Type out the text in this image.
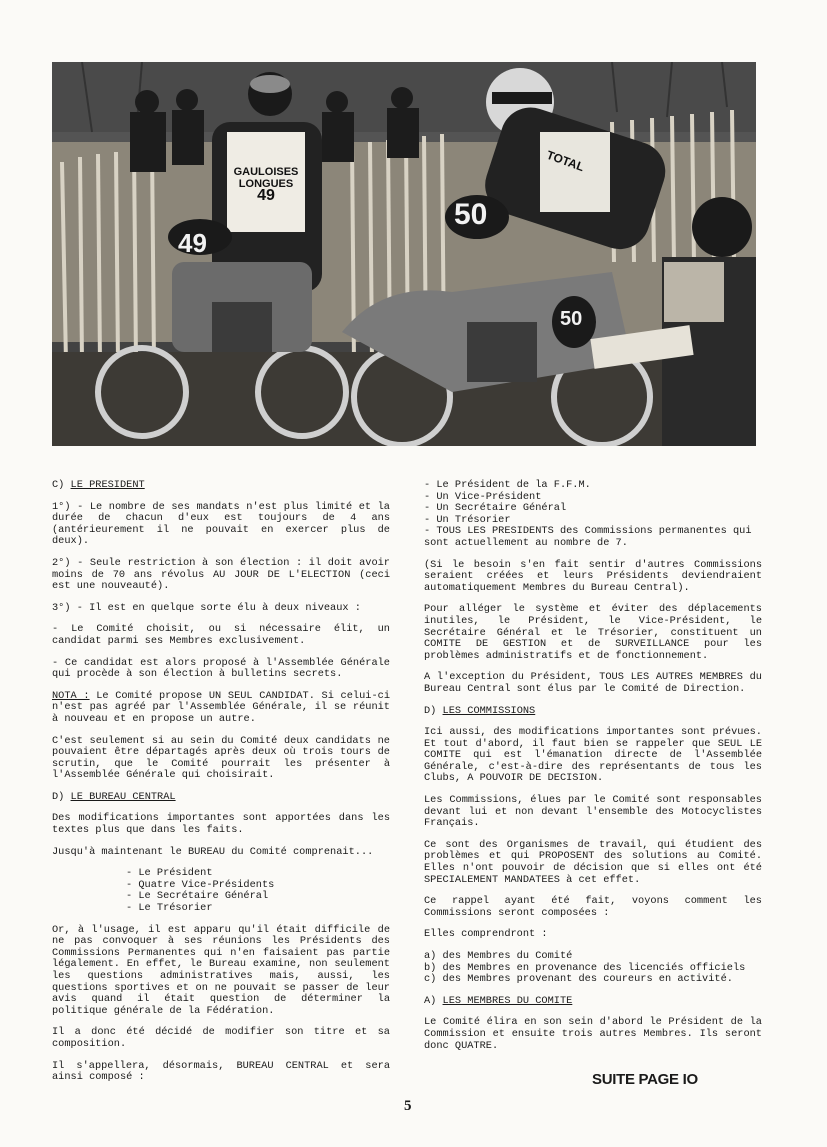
GAULOISES LONGUES
49
49
50
50
TOTAL
C) LE PRESIDENT

1°) - Le nombre de ses mandats n'est plus limité et la durée de chacun d'eux est toujours de 4 ans (antérieurement il ne pouvait en exercer plus de deux).

2°) - Seule restriction à son élection : il doit avoir moins de 70 ans révolus AU JOUR DE L'ELECTION (ceci est une nouveauté).

3°) - Il est en quelque sorte élu à deux niveaux :

- Le Comité choisit, ou si nécessaire élit, un candidat parmi ses Membres exclusivement.

- Ce candidat est alors proposé à l'Assemblée Générale qui procède à son élection à bulletins secrets.

NOTA : Le Comité propose UN SEUL CANDIDAT. Si celui-ci n'est pas agréé par l'Assemblée Générale, il se réunit à nouveau et en propose un autre.

C'est seulement si au sein du Comité deux candidats ne pouvaient être départagés après deux où trois tours de scrutin, que le Comité pourrait les présenter à l'Assemblée Générale qui choisirait.

D) LE BUREAU CENTRAL

Des modifications importantes sont apportées dans les textes plus que dans les faits.

Jusqu'à maintenant le BUREAU du Comité comprenait...

- Le Président
- Quatre Vice-Présidents
- Le Secrétaire Général
- Le Trésorier

Or, à l'usage, il est apparu qu'il était difficile de ne pas convoquer à ses réunions les Présidents des Commissions Permanentes qui n'en faisaient pas partie légalement. En effet, le Bureau examine, non seulement les questions administratives mais, aussi, les questions sportives et on ne pouvait se passer de leur avis quand il était question de déterminer la politique générale de la Fédération.

Il a donc été décidé de modifier son titre et sa composition.

Il s'appellera, désormais, BUREAU CENTRAL et sera ainsi composé :

- Le Président de la F.F.M.
- Un Vice-Président
- Un Secrétaire Général
- Un Trésorier
- TOUS LES PRESIDENTS des Commissions permanentes qui sont actuellement au nombre de 7.

(Si le besoin s'en fait sentir d'autres Commissions seraient créées et leurs Présidents deviendraient automatiquement Membres du Bureau Central).

Pour alléger le système et éviter des déplacements inutiles, le Président, le Vice-Président, le Secrétaire Général et le Trésorier, constituent un COMITE DE GESTION et de SURVEILLANCE pour les problèmes administratifs et de fonctionnement.

A l'exception du Président, TOUS LES AUTRES MEMBRES du Bureau Central sont élus par le Comité de Direction.

D) LES COMMISSIONS

Ici aussi, des modifications importantes sont prévues. Et tout d'abord, il faut bien se rappeler que SEUL LE COMITE qui est l'émanation directe de l'Assemblée Générale, c'est-à-dire des représentants de tous les Clubs, A POUVOIR DE DECISION.

Les Commissions, élues par le Comité sont responsables devant lui et non devant l'ensemble des Motocyclistes Français.

Ce sont des Organismes de travail, qui étudient des problèmes et qui PROPOSENT des solutions au Comité. Elles n'ont pouvoir de décision que si elles ont été SPECIALEMENT MANDATEES à cet effet.

Ce rappel ayant été fait, voyons comment les Commissions seront composées :

Elles comprendront :

a) des Membres du Comité
b) des Membres en provenance des licenciés officiels
c) des Membres provenant des coureurs en activité.
A) LES MEMBRES DU COMITE

Le Comité élira en son sein d'abord le Président de la Commission et ensuite trois autres Membres. Ils seront donc QUATRE.

SUITE PAGE IO
5
